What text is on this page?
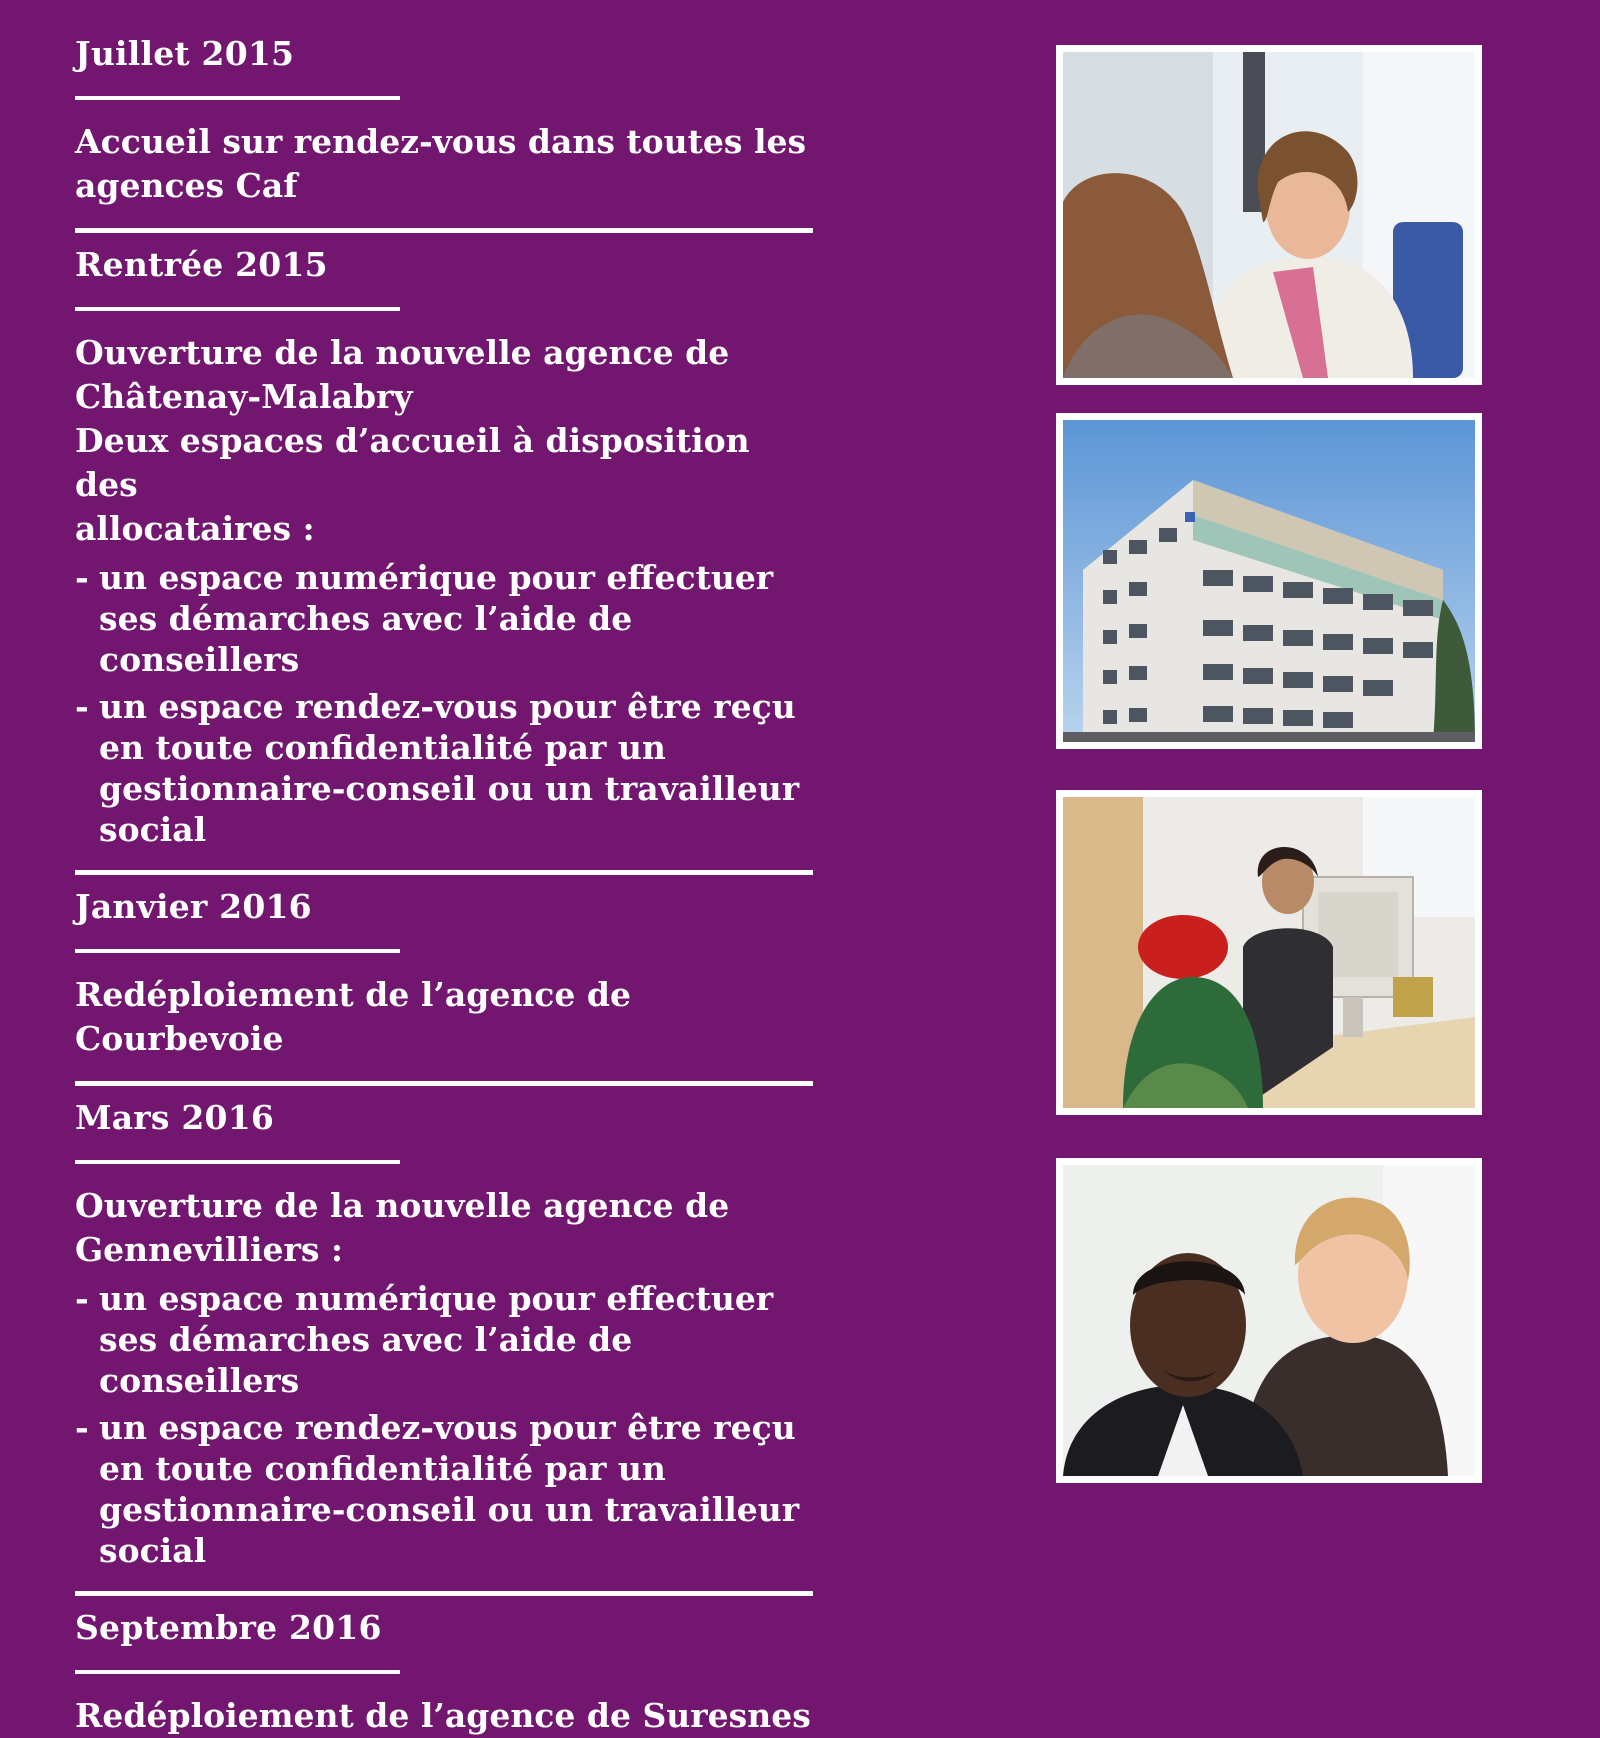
Juillet 2015

Accueil sur rendez-vous dans toutes les

agences Caf

Rentrée 2015

Ouverture de la nouvelle agence de

Châtenay-Malabry

Deux espaces d’accueil à disposition des

allocataires :

- un espace numérique pour effectuer ses démarches avec l’aide de conseillers
- un espace rendez-vous pour être reçu en toute confidentialité par un gestionnaire-conseil ou un travailleur social

Janvier 2016

Redéploiement de l’agence de Courbevoie

Mars 2016

Ouverture de la nouvelle agence de

Gennevilliers :

- un espace numérique pour effectuer ses démarches avec l’aide de conseillers
- un espace rendez-vous pour être reçu en toute confidentialité par un gestionnaire-conseil ou un travailleur social

Septembre 2016

Redéploiement de l’agence de Suresnes
